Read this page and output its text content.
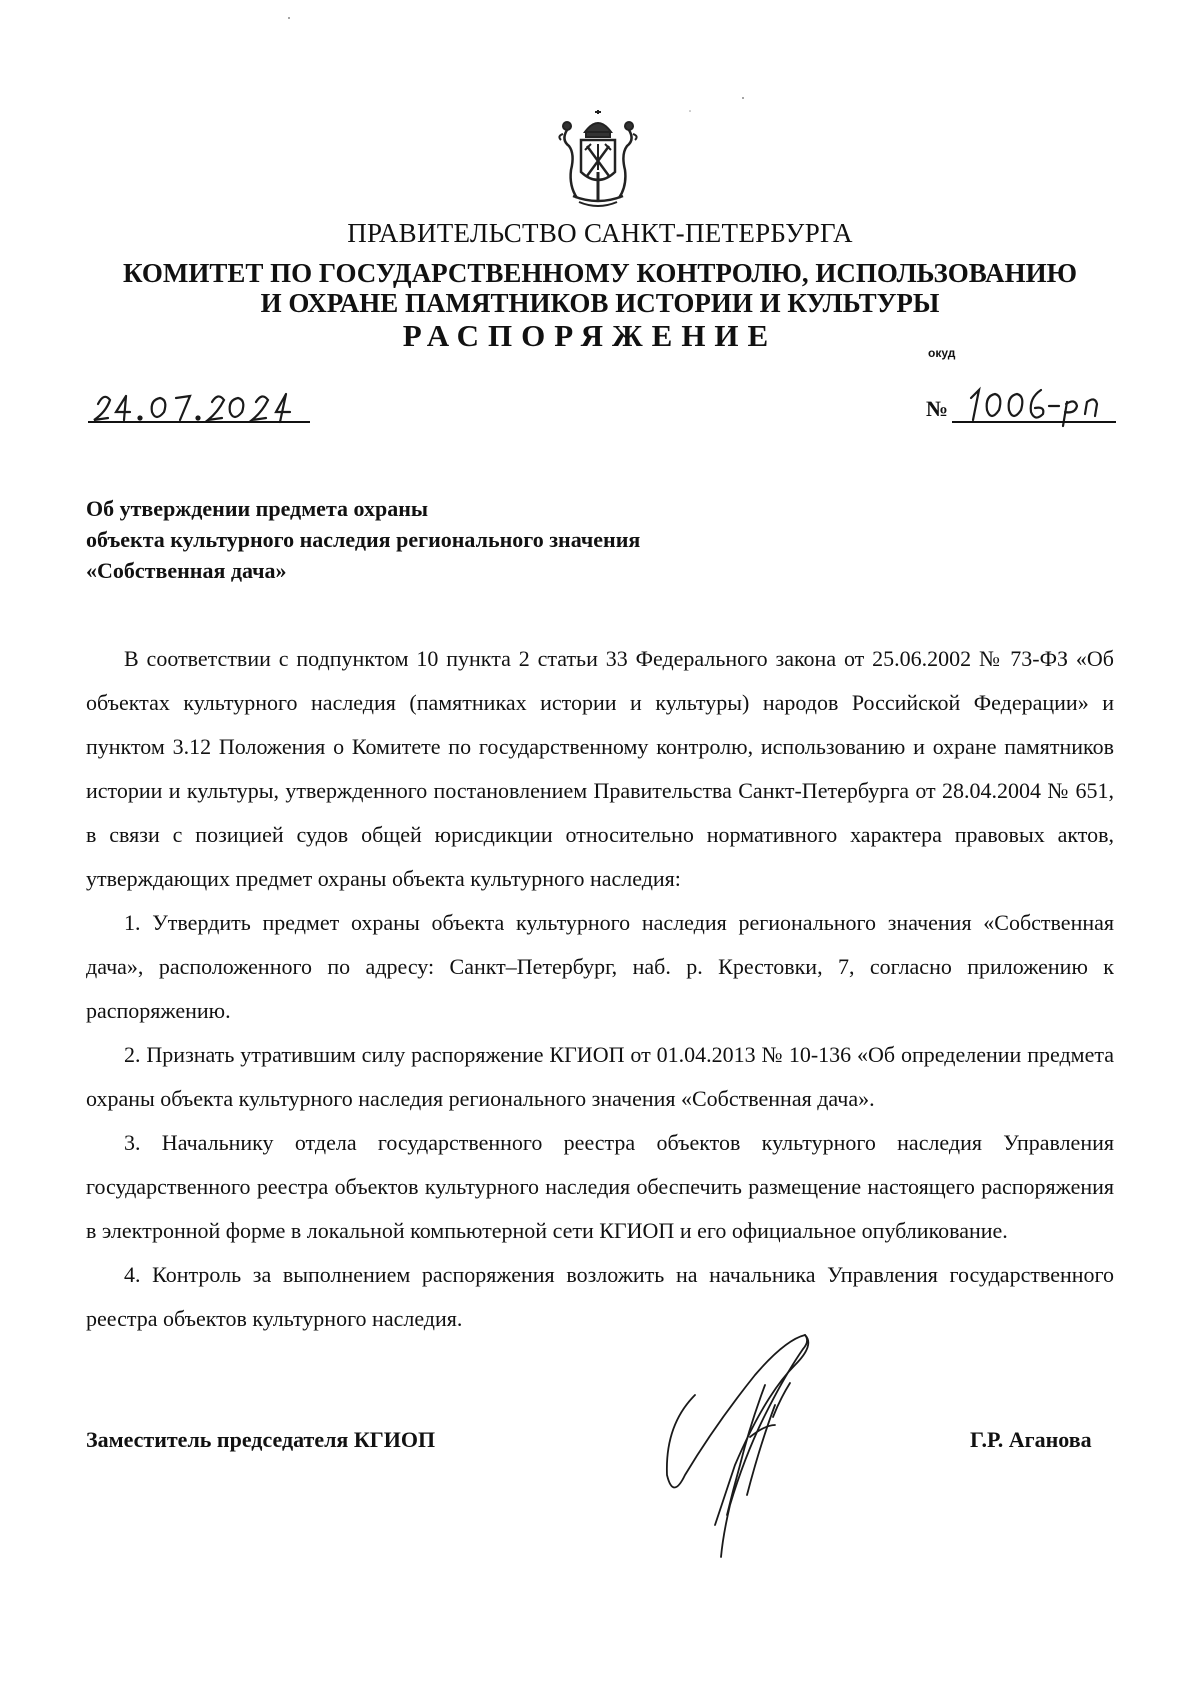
ПРАВИТЕЛЬСТВО САНКТ-ПЕТЕРБУРГА
КОМИТЕТ ПО ГОСУДАРСТВЕННОМУ КОНТРОЛЮ, ИСПОЛЬЗОВАНИЮ
И ОХРАНЕ ПАМЯТНИКОВ ИСТОРИИ И КУЛЬТУРЫ
РАСПОРЯЖЕНИЕ	окуд
№
Об утверждении предмета охраны
объекта культурного наследия регионального значения
«Собственная дача»

В соответствии с подпунктом 10 пункта 2 статьи 33 Федерального закона от 25.06.2002 № 73-ФЗ «Об объектах культурного наследия (памятниках истории и культуры) народов Российской Федерации» и пунктом 3.12 Положения о Комитете по государственному контролю, использованию и охране памятников истории и культуры, утвержденного постановлением Правительства Санкт-Петербурга от 28.04.2004 № 651, в связи с позицией судов общей юрисдикции относительно нормативного характера правовых актов, утверждающих предмет охраны объекта культурного наследия:

1. Утвердить предмет охраны объекта культурного наследия регионального значения «Собственная дача», расположенного по адресу: Санкт–Петербург, наб. р. Крестовки, 7, согласно приложению к распоряжению.

2. Признать утратившим силу распоряжение КГИОП от 01.04.2013 № 10-136 «Об определении предмета охраны объекта культурного наследия регионального значения «Собственная дача».

3. Начальнику отдела государственного реестра объектов культурного наследия Управления государственного реестра объектов культурного наследия обеспечить размещение настоящего распоряжения в электронной форме в локальной компьютерной сети КГИОП и его официальное опубликование.

4. Контроль за выполнением распоряжения возложить на начальника Управления государственного реестра объектов культурного наследия.

Заместитель председателя КГИОП	Г.Р. Аганова
